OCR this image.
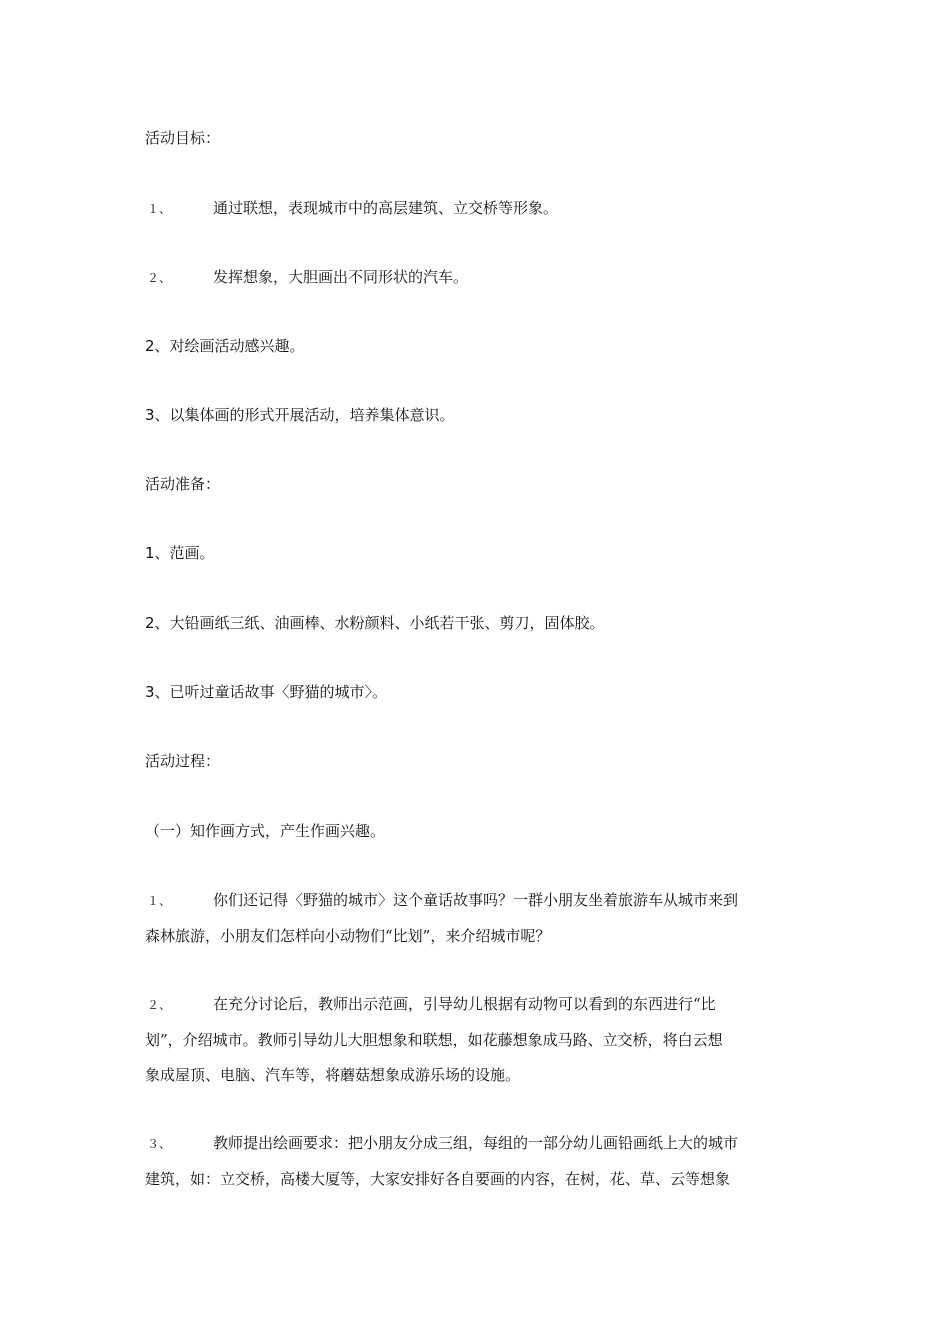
活动目标：
１、	通过联想，表现城市中的高层建筑、立交桥等形象。
２、	发挥想象，大胆画出不同形状的汽车。
2、对绘画活动感兴趣。
3、以集体画的形式开展活动，培养集体意识。
活动准备：
1、范画。
2、大铅画纸三纸、油画棒、水粉颜料、小纸若干张、剪刀，固体胶。
3、已听过童话故事〈野猫的城市〉。
活动过程：
（一）知作画方式，产生作画兴趣。
１、	你们还记得〈野猫的城市〉这个童话故事吗？一群小朋友坐着旅游车从城市来到
森林旅游，小朋友们怎样向小动物们“比划”，来介绍城市呢？
２、	在充分讨论后，教师出示范画，引导幼儿根据有动物可以看到的东西进行“比
划”，介绍城市。教师引导幼儿大胆想象和联想，如花藤想象成马路、立交桥，将白云想
象成屋顶、电脑、汽车等，将蘑菇想象成游乐场的设施。
３、	教师提出绘画要求：把小朋友分成三组，每组的一部分幼儿画铅画纸上大的城市
建筑，如：立交桥，高楼大厦等，大家安排好各自要画的内容，在树，花、草、云等想象
